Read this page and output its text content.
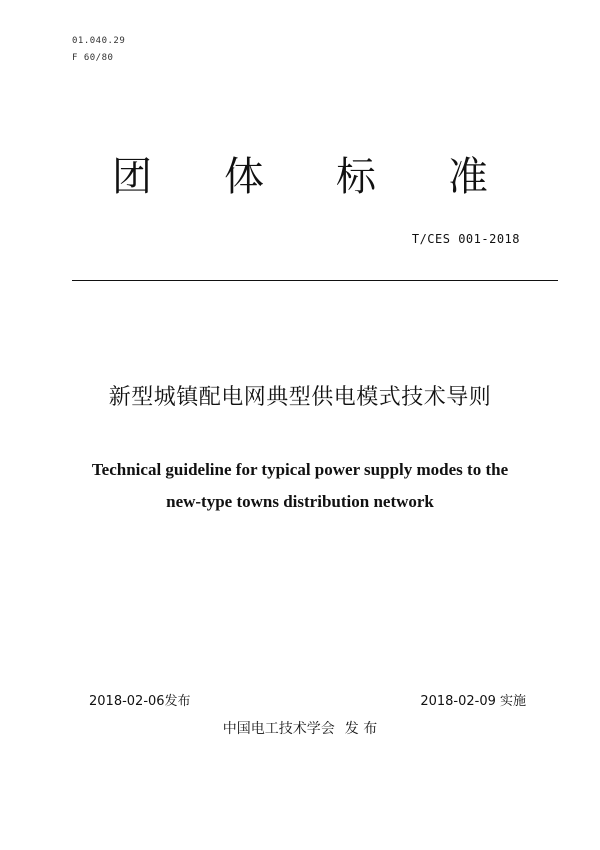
01.040.29
F 60/80
团 体 标 准
T/CES 001-2018
新型城镇配电网典型供电模式技术导则
Technical guideline for typical power supply modes to the
new-type towns distribution network
2018-02-06发布	2018-02-09 实施
中国电工技术学会 发 布
